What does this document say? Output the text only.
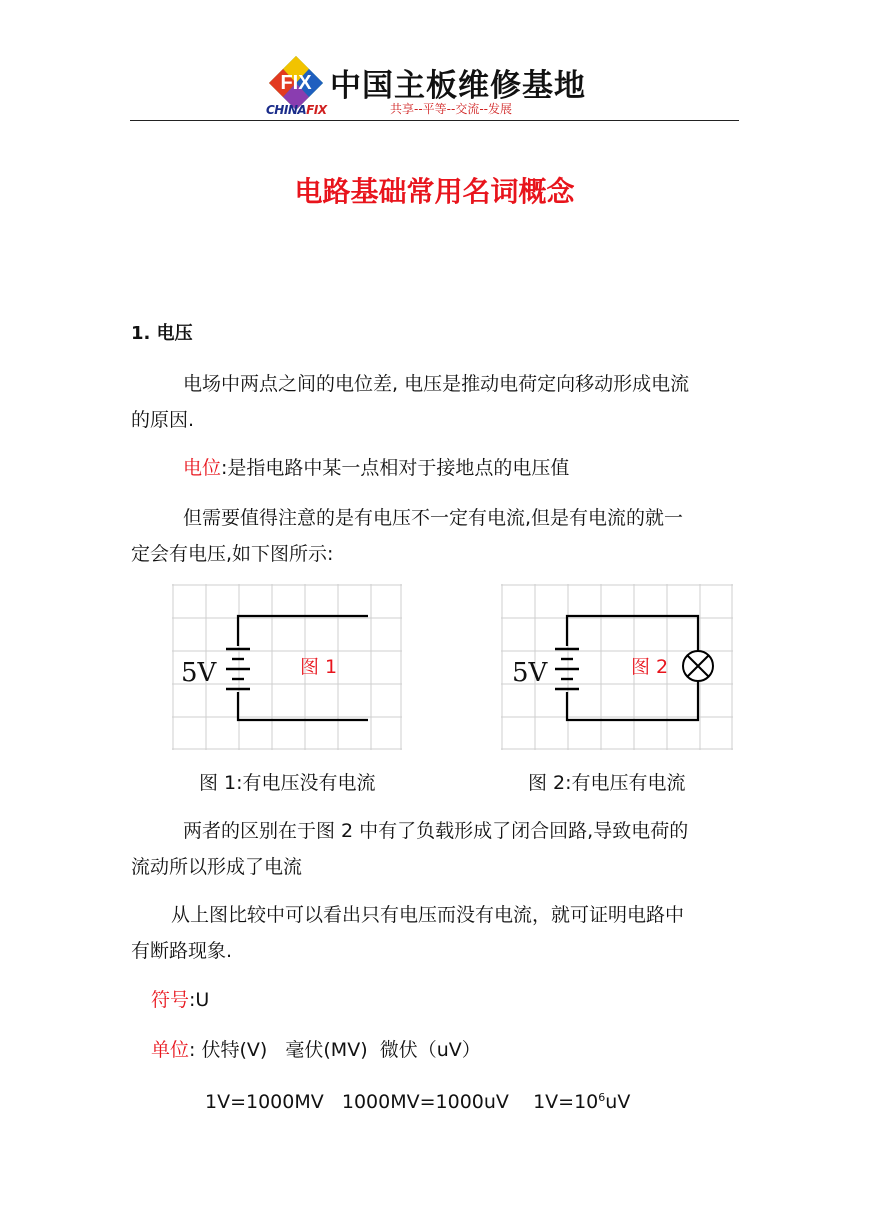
FIX
CHINAFIX
中国主板维修基地
共享--平等--交流--发展
电路基础常用名词概念
1. 电压
电场中两点之间的电位差, 电压是推动电荷定向移动形成电流
的原因.
电位:是指电路中某一点相对于接地点的电压值
但需要值得注意的是有电压不一定有电流,但是有电流的就一
定会有电压,如下图所示:
5V	图 1	5V	图 2
图 1:有电压没有电流	图 2:有电压有电流
两者的区别在于图 2 中有了负载形成了闭合回路,导致电荷的
流动所以形成了电流
从上图比较中可以看出只有电压而没有电流，就可证明电路中
有断路现象.
符号:U
单位: 伏特(V)   毫伏(MV)  微伏（uV）
1V=1000MV   1000MV=1000uV    $1V=10^6uV$
